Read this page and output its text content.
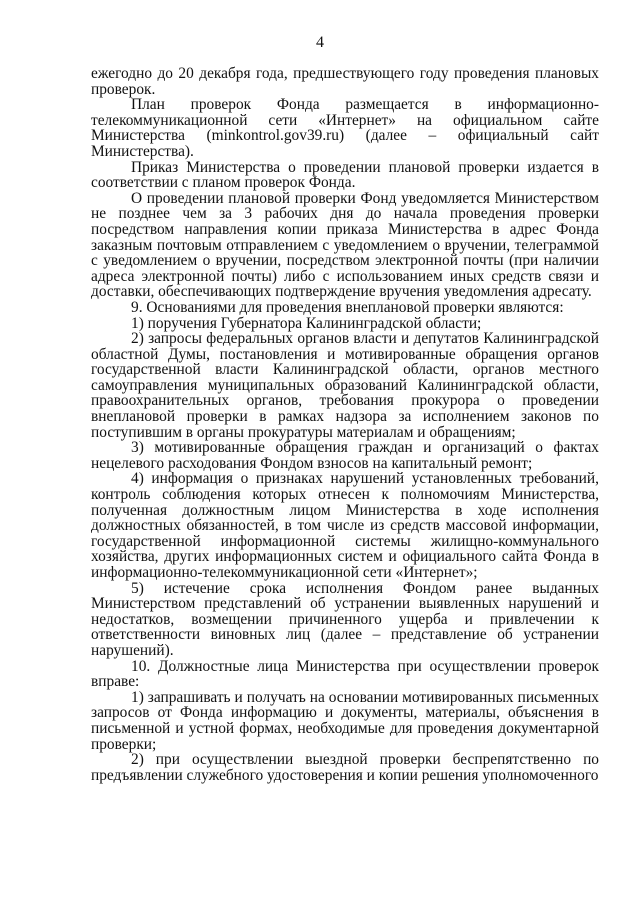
4

ежегодно до 20 декабря года, предшествующего году проведения плановых проверок.

План проверок Фонда размещается в информационно-телекоммуникационной сети «Интернет» на официальном сайте Министерства (minkontrol.gov39.ru) (далее – официальный сайт Министерства).

Приказ Министерства о проведении плановой проверки издается в соответствии с планом проверок Фонда.

О проведении плановой проверки Фонд уведомляется Министерством не позднее чем за 3 рабочих дня до начала проведения проверки посредством направления копии приказа Министерства в адрес Фонда заказным почтовым отправлением с уведомлением о вручении, телеграммой с уведомлением о вручении, посредством электронной почты (при наличии адреса электронной почты) либо с использованием иных средств связи и доставки, обеспечивающих подтверждение вручения уведомления адресату.

9. Основаниями для проведения внеплановой проверки являются:

1) поручения Губернатора Калининградской области;

2) запросы федеральных органов власти и депутатов Калининградской областной Думы, постановления и мотивированные обращения органов государственной власти Калининградской области, органов местного самоуправления муниципальных образований Калининградской области, правоохранительных органов, требования прокурора о проведении внеплановой проверки в рамках надзора за исполнением законов по поступившим в органы прокуратуры материалам и обращениям;

3) мотивированные обращения граждан и организаций о фактах нецелевого расходования Фондом взносов на капитальный ремонт;

4) информация о признаках нарушений установленных требований, контроль соблюдения которых отнесен к полномочиям Министерства, полученная должностным лицом Министерства в ходе исполнения должностных обязанностей, в том числе из средств массовой информации, государственной информационной системы жилищно-коммунального хозяйства, других информационных систем и официального сайта Фонда в информационно-телекоммуникационной сети «Интернет»;

5) истечение срока исполнения Фондом ранее выданных Министерством представлений об устранении выявленных нарушений и недостатков, возмещении причиненного ущерба и привлечении к ответственности виновных лиц (далее – представление об устранении нарушений).

10. Должностные лица Министерства при осуществлении проверок вправе:

1) запрашивать и получать на основании мотивированных письменных запросов от Фонда информацию и документы, материалы, объяснения в письменной и устной формах, необходимые для проведения документарной проверки;

2) при осуществлении выездной проверки беспрепятственно по предъявлении служебного удостоверения и копии решения уполномоченного
